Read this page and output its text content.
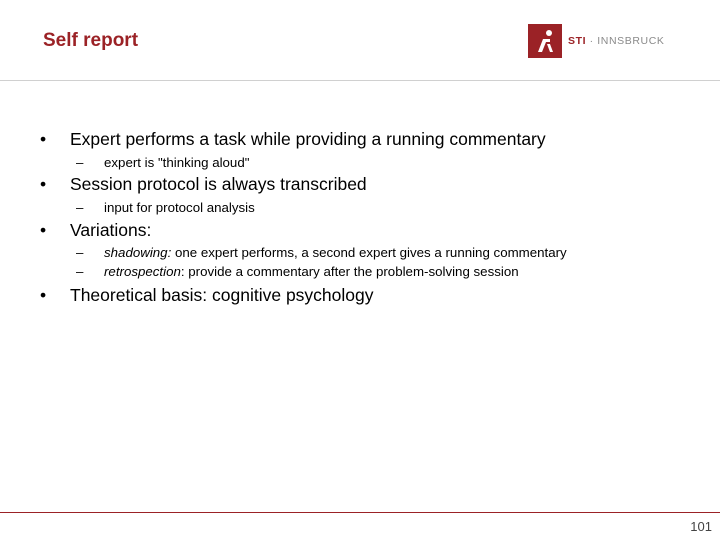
Self report	STI · INNSBRUCK
• Expert performs a task while providing a running commentary
– expert is "thinking aloud"
• Session protocol is always transcribed
– input for protocol analysis
• Variations:
– shadowing: one expert performs, a second expert gives a running commentary
– retrospection: provide a commentary after the problem-solving session
• Theoretical basis: cognitive psychology
101
